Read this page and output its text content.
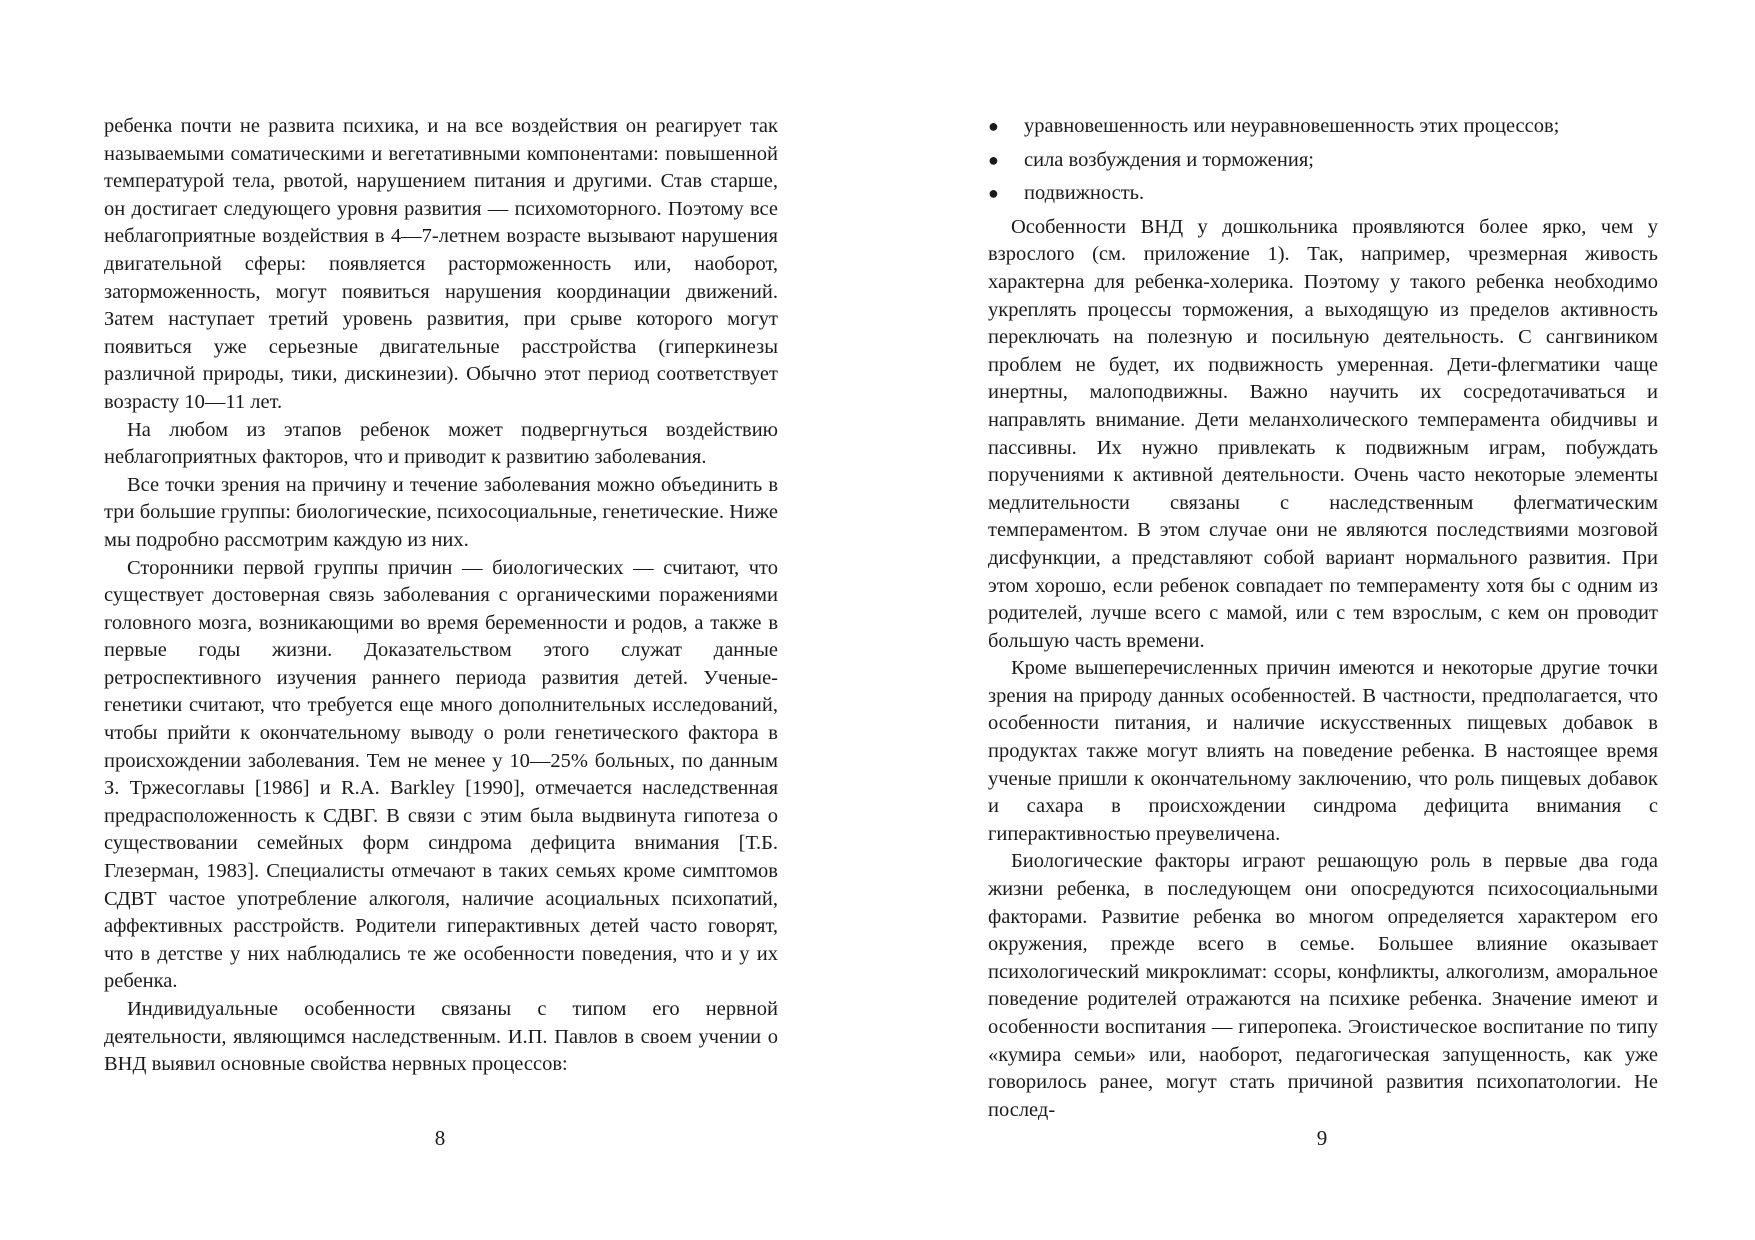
ребенка почти не развита психика, и на все воздействия он реагирует так называемыми соматическими и вегетативными компонентами: повышенной температурой тела, рвотой, нарушением питания и другими. Став старше, он достигает следующего уровня развития — психомоторного. Поэтому все неблагоприятные воздействия в 4—7-летнем возрасте вызывают нарушения двигательной сферы: появляется расторможенность или, наоборот, заторможенность, могут появиться нарушения координации движений. Затем наступает третий уровень развития, при срыве которого могут появиться уже серьезные двигательные расстройства (гиперкинезы различной природы, тики, дискинезии). Обычно этот период соответствует возрасту 10—11 лет.

На любом из этапов ребенок может подвергнуться воздействию неблагоприятных факторов, что и приводит к развитию заболевания.

Все точки зрения на причину и течение заболевания можно объединить в три большие группы: биологические, психосоциальные, генетические. Ниже мы подробно рассмотрим каждую из них.

Сторонники первой группы причин — биологических — считают, что существует достоверная связь заболевания с органическими поражениями головного мозга, возникающими во время беременности и родов, а также в первые годы жизни. Доказательством этого служат данные ретроспективного изучения раннего периода развития детей. Ученые-генетики считают, что требуется еще много дополнительных исследований, чтобы прийти к окончательному выводу о роли генетического фактора в происхождении заболевания. Тем не менее у 10—25% больных, по данным З. Тржесоглавы [1986] и R.A. Barkley [1990], отмечается наследственная предрасположенность к СДВГ. В связи с этим была выдвинута гипотеза о существовании семейных форм синдрома дефицита внимания [Т.Б. Глезерман, 1983]. Специалисты отмечают в таких семьях кроме симптомов СДВТ частое употребление алкоголя, наличие асоциальных психопатий, аффективных расстройств. Родители гиперактивных детей часто говорят, что в детстве у них наблюдались те же особенности поведения, что и у их ребенка.

Индивидуальные особенности связаны с типом его нервной деятельности, являющимся наследственным. И.П. Павлов в своем учении о ВНД выявил основные свойства нервных процессов:

8
● уравновешенность или неуравновешенность этих процессов;
● сила возбуждения и торможения;
● подвижность.

Особенности ВНД у дошкольника проявляются более ярко, чем у взрослого (см. приложение 1). Так, например, чрезмерная живость характерна для ребенка-холерика. Поэтому у такого ребенка необходимо укреплять процессы торможения, а выходящую из пределов активность переключать на полезную и посильную деятельность. С сангвиником проблем не будет, их подвижность умеренная. Дети-флегматики чаще инертны, малоподвижны. Важно научить их сосредотачиваться и направлять внимание. Дети меланхолического темперамента обидчивы и пассивны. Их нужно привлекать к подвижным играм, побуждать поручениями к активной деятельности. Очень часто некоторые элементы медлительности связаны с наследственным флегматическим темпераментом. В этом случае они не являются последствиями мозговой дисфункции, а представляют собой вариант нормального развития. При этом хорошо, если ребенок совпадает по темпераменту хотя бы с одним из родителей, лучше всего с мамой, или с тем взрослым, с кем он проводит большую часть времени.

Кроме вышеперечисленных причин имеются и некоторые другие точки зрения на природу данных особенностей. В частности, предполагается, что особенности питания, и наличие искусственных пищевых добавок в продуктах также могут влиять на поведение ребенка. В настоящее время ученые пришли к окончательному заключению, что роль пищевых добавок и сахара в происхождении синдрома дефицита внимания с гиперактивностью преувеличена.

Биологические факторы играют решающую роль в первые два года жизни ребенка, в последующем они опосредуются психосоциальными факторами. Развитие ребенка во многом определяется характером его окружения, прежде всего в семье. Большее влияние оказывает психологический микроклимат: ссоры, конфликты, алкоголизм, аморальное поведение родителей отражаются на психике ребенка. Значение имеют и особенности воспитания — гиперопека. Эгоистическое воспитание по типу «кумира семьи» или, наоборот, педагогическая запущенность, как уже говорилось ранее, могут стать причиной развития психопатологии. Не послед-

9
